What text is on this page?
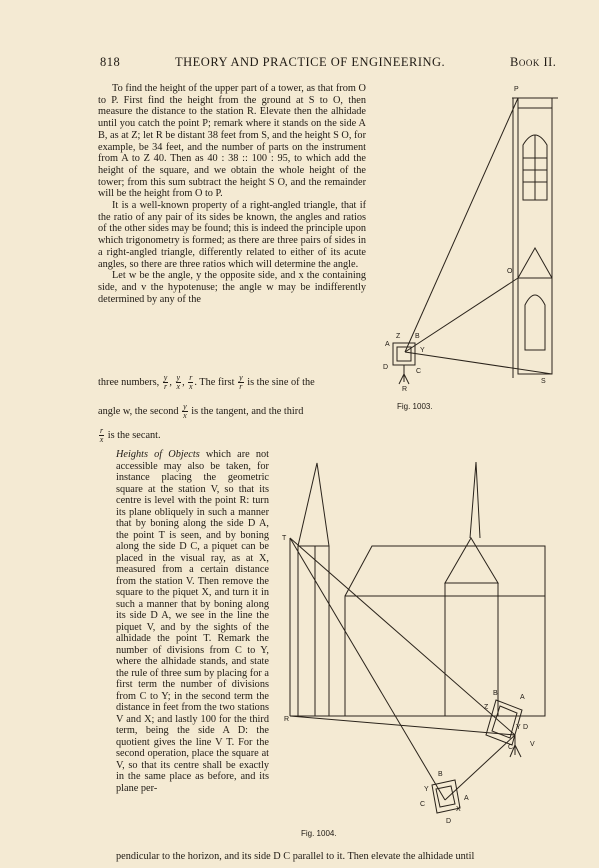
818	THEORY AND PRACTICE OF ENGINEERING.	Book II.

To find the height of the upper part of a tower, as that from O to P. First find the height from the ground at S to O, then measure the distance to the station R. Elevate then the alhidade until you catch the point P; remark where it stands on the side A B, as at Z; let R be distant 38 feet from S, and the height S O, for example, be 34 feet, and the number of parts on the instrument from A to Z 40. Then as 40 : 38 :: 100 : 95, to which add the height of the square, and we obtain the whole height of the tower; from this sum subtract the height S O, and the remainder will be the height from O to P.

It is a well-known property of a right-angled triangle, that if the ratio of any pair of its sides be known, the angles and ratios of the other sides may be found; this is indeed the principle upon which trigonometry is formed; as there are three pairs of sides in a right-angled triangle, differently related to either of its acute angles, so there are three ratios which will determine the angle.

Let w be the angle, y the opposite side, and x the containing side, and v the hypotenuse; the angle w may be indifferently determined by any of the

three numbers, $\frac{y}{r}$ , $\frac{y}{x}$ , $\frac{r}{x}$ . The first $\frac{y}{r}$ is the sine of the
angle w, the second $\frac{y}{x}$ is the tangent, and the third
$\frac{r}{x}$ is the secant.

Heights of Objects which are not accessible may also be taken, for instance placing the geometric square at the station V, so that its centre is level with the point R: turn its plane obliquely in such a manner that by boning along the side D A, the point T is seen, and by boning along the side D C, a piquet can be placed in the visual ray, as at X, measured from a certain distance from the station V. Then remove the square to the piquet X, and turn it in such a manner that by boning along its side D A, we see in the line the piquet V, and by the sights of the alhidade the point T. Remark the number of divisions from C to Y, where the alhidade stands, and state the rule of three sum by placing for a first term the number of divisions from C to Y; in the second term the distance in feet from the two stations V and X; and lastly 100 for the third term, being the side A D: the quotient gives the line V T. For the second operation, place the square at V, so that its centre shall be exactly in the same place as before, and its plane per-

pendicular to the horizon, and its side D C parallel to it. Then elevate the alhidade until
P
O
S
Z B
A
D
Y
C
R
Fig. 1003.
T
R
B
A
Z
D
C
Y
V
B
Y
C
A
X
D
Fig. 1004.
